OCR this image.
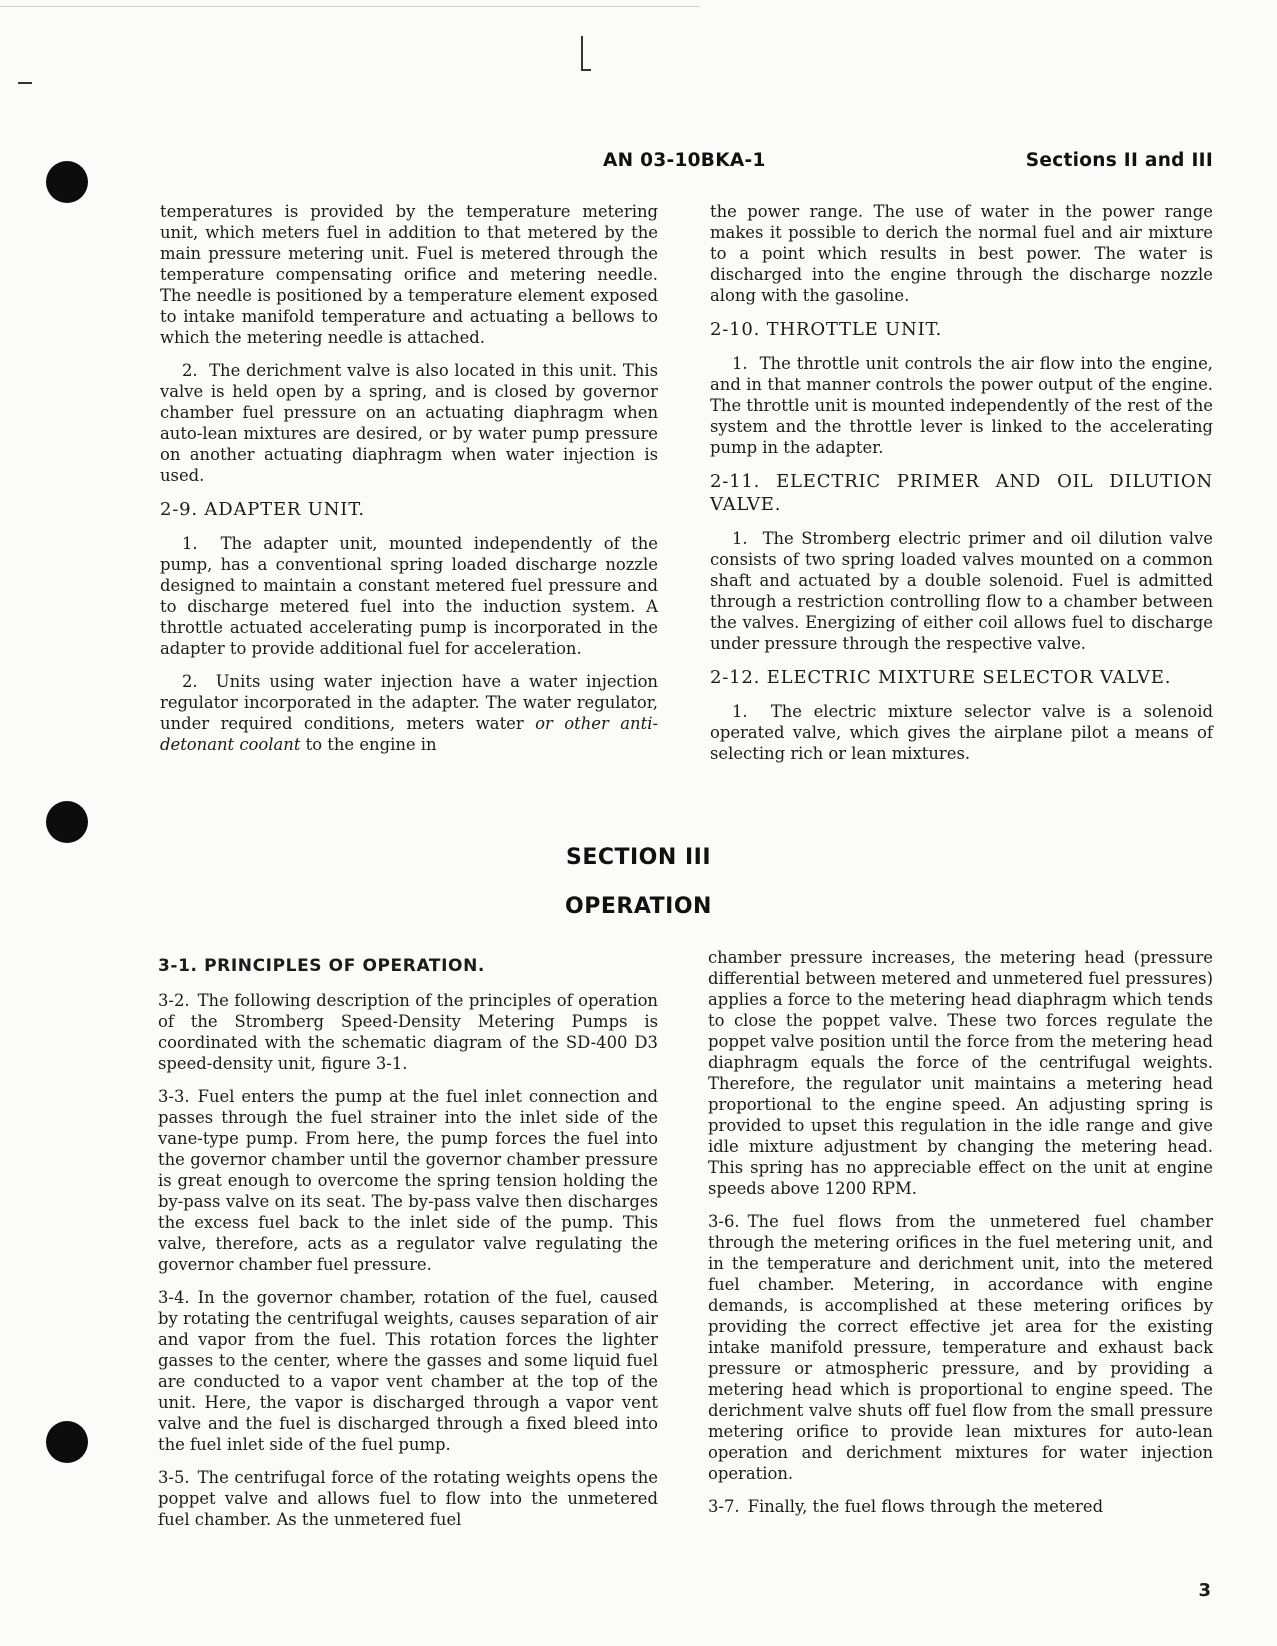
AN 03-10BKA-1	Sections II and III

temperatures is provided by the temperature metering unit, which meters fuel in addition to that metered by the main pressure metering unit. Fuel is metered through the temperature compensating orifice and metering needle. The needle is positioned by a temperature element exposed to intake manifold temperature and actuating a bellows to which the metering needle is attached.

2. The derichment valve is also located in this unit. This valve is held open by a spring, and is closed by governor chamber fuel pressure on an actuating diaphragm when auto-lean mixtures are desired, or by water pump pressure on another actuating diaphragm when water injection is used.

2-9. ADAPTER UNIT.

1. The adapter unit, mounted independently of the pump, has a conventional spring loaded discharge nozzle designed to maintain a constant metered fuel pressure and to discharge metered fuel into the induction system. A throttle actuated accelerating pump is incorporated in the adapter to provide additional fuel for acceleration.

2. Units using water injection have a water injection regulator incorporated in the adapter. The water regulator, under required conditions, meters water or other anti-detonant coolant to the engine in

the power range. The use of water in the power range makes it possible to derich the normal fuel and air mixture to a point which results in best power. The water is discharged into the engine through the discharge nozzle along with the gasoline.

2-10. THROTTLE UNIT.

1. The throttle unit controls the air flow into the engine, and in that manner controls the power output of the engine. The throttle unit is mounted independently of the rest of the system and the throttle lever is linked to the accelerating pump in the adapter.

2-11. ELECTRIC PRIMER AND OIL DILUTION VALVE.

1. The Stromberg electric primer and oil dilution valve consists of two spring loaded valves mounted on a common shaft and actuated by a double solenoid. Fuel is admitted through a restriction controlling flow to a chamber between the valves. Energizing of either coil allows fuel to discharge under pressure through the respective valve.

2-12. ELECTRIC MIXTURE SELECTOR VALVE.

1. The electric mixture selector valve is a solenoid operated valve, which gives the airplane pilot a means of selecting rich or lean mixtures.

SECTION III
OPERATION
3-1. PRINCIPLES OF OPERATION.

3-2. The following description of the principles of operation of the Stromberg Speed-Density Metering Pumps is coordinated with the schematic diagram of the SD-400 D3 speed-density unit, figure 3-1.

3-3. Fuel enters the pump at the fuel inlet connection and passes through the fuel strainer into the inlet side of the vane-type pump. From here, the pump forces the fuel into the governor chamber until the governor chamber pressure is great enough to overcome the spring tension holding the by-pass valve on its seat. The by-pass valve then discharges the excess fuel back to the inlet side of the pump. This valve, therefore, acts as a regulator valve regulating the governor chamber fuel pressure.

3-4. In the governor chamber, rotation of the fuel, caused by rotating the centrifugal weights, causes separation of air and vapor from the fuel. This rotation forces the lighter gasses to the center, where the gasses and some liquid fuel are conducted to a vapor vent chamber at the top of the unit. Here, the vapor is discharged through a vapor vent valve and the fuel is discharged through a fixed bleed into the fuel inlet side of the fuel pump.

3-5. The centrifugal force of the rotating weights opens the poppet valve and allows fuel to flow into the unmetered fuel chamber. As the unmetered fuel

chamber pressure increases, the metering head (pressure differential between metered and unmetered fuel pressures) applies a force to the metering head diaphragm which tends to close the poppet valve. These two forces regulate the poppet valve position until the force from the metering head diaphragm equals the force of the centrifugal weights. Therefore, the regulator unit maintains a metering head proportional to the engine speed. An adjusting spring is provided to upset this regulation in the idle range and give idle mixture adjustment by changing the metering head. This spring has no appreciable effect on the unit at engine speeds above 1200 RPM.

3-6. The fuel flows from the unmetered fuel chamber through the metering orifices in the fuel metering unit, and in the temperature and derichment unit, into the metered fuel chamber. Metering, in accordance with engine demands, is accomplished at these metering orifices by providing the correct effective jet area for the existing intake manifold pressure, temperature and exhaust back pressure or atmospheric pressure, and by providing a metering head which is proportional to engine speed. The derichment valve shuts off fuel flow from the small pressure metering orifice to provide lean mixtures for auto-lean operation and derichment mixtures for water injection operation.

3-7. Finally, the fuel flows through the metered

3
